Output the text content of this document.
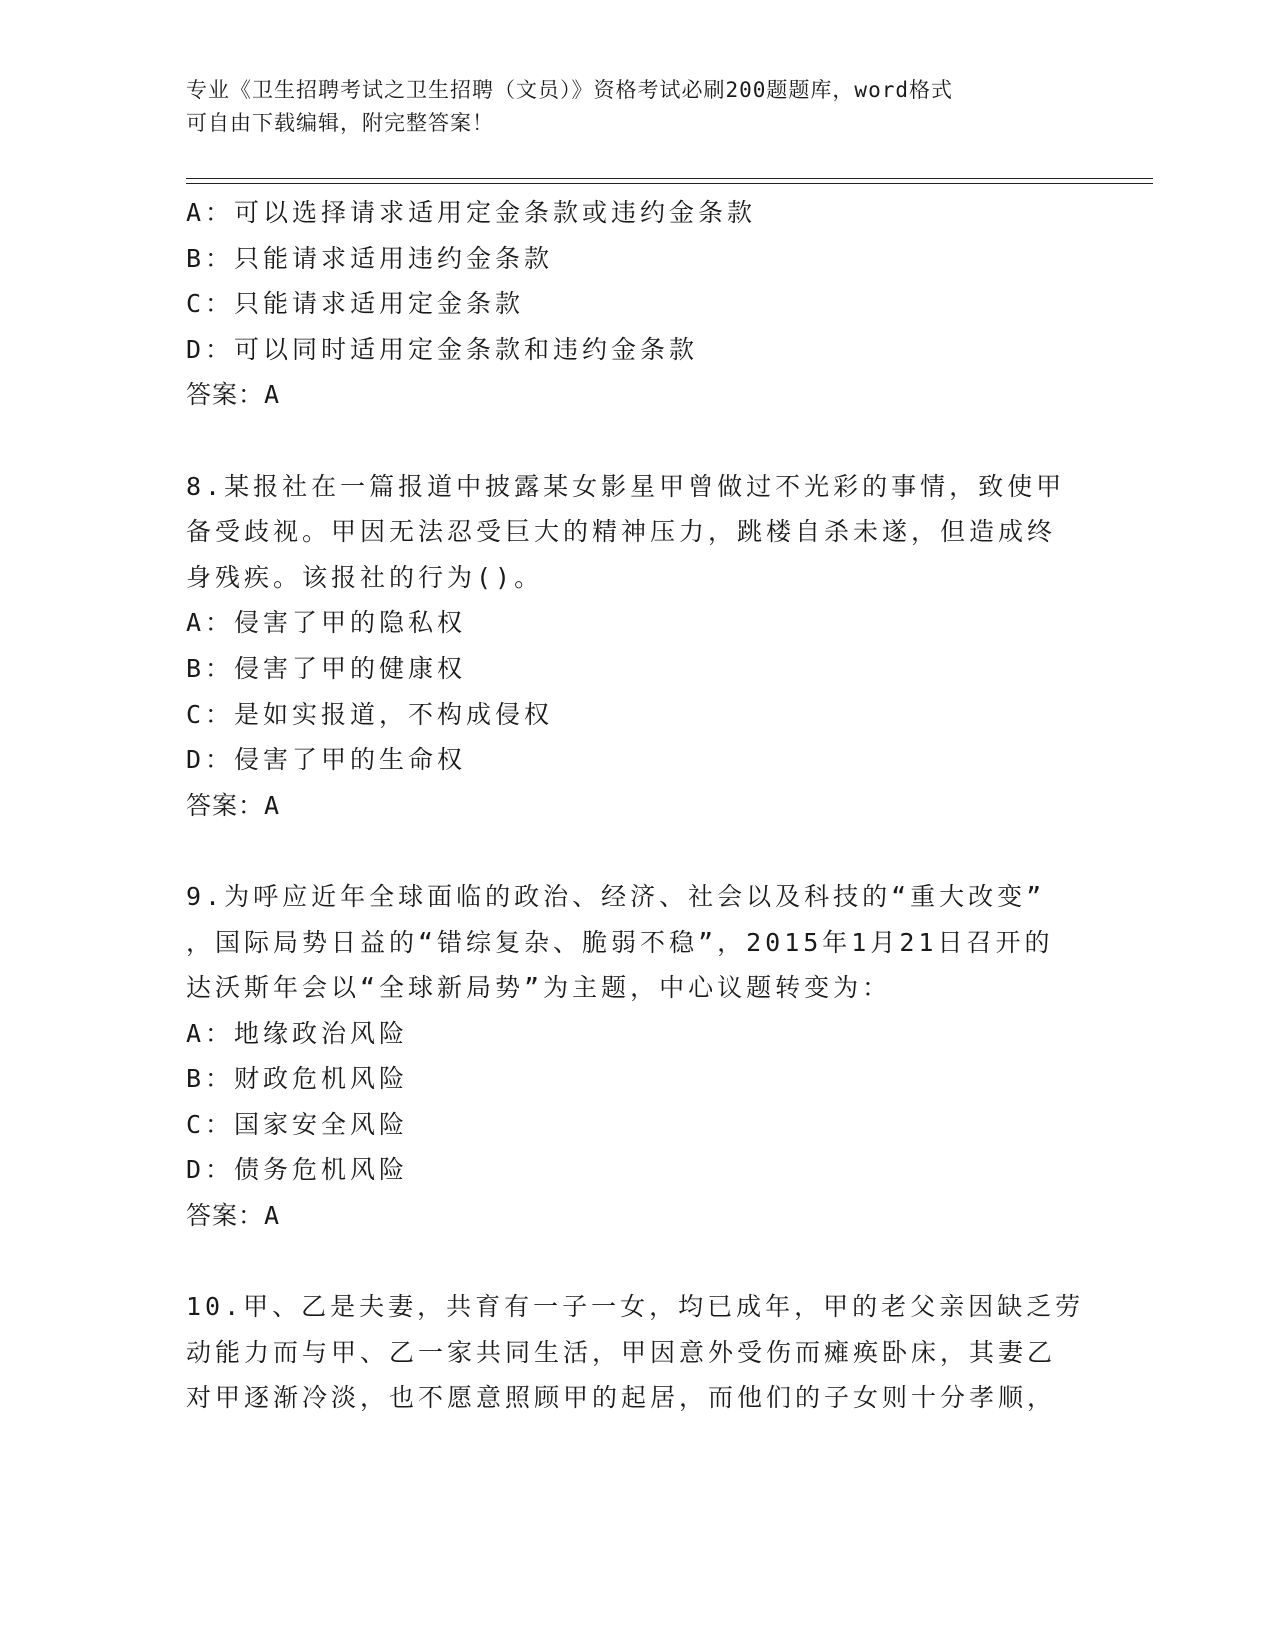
专业《卫生招聘考试之卫生招聘（文员）》资格考试必刷200题题库，word格式
可自由下载编辑，附完整答案！
A：可以选择请求适用定金条款或违约金条款
B：只能请求适用违约金条款
C：只能请求适用定金条款
D：可以同时适用定金条款和违约金条款
答案：A
8.某报社在一篇报道中披露某女影星甲曾做过不光彩的事情，致使甲
备受歧视。甲因无法忍受巨大的精神压力，跳楼自杀未遂，但造成终
身残疾。该报社的行为()。
A：侵害了甲的隐私权
B：侵害了甲的健康权
C：是如实报道，不构成侵权
D：侵害了甲的生命权
答案：A
9.为呼应近年全球面临的政治、经济、社会以及科技的“重大改变”
，国际局势日益的“错综复杂、脆弱不稳”，2015年1月21日召开的
达沃斯年会以“全球新局势”为主题，中心议题转变为：
A：地缘政治风险
B：财政危机风险
C：国家安全风险
D：债务危机风险
答案：A
10.甲、乙是夫妻，共育有一子一女，均已成年，甲的老父亲因缺乏劳
动能力而与甲、乙一家共同生活，甲因意外受伤而瘫痪卧床，其妻乙
对甲逐渐冷淡，也不愿意照顾甲的起居，而他们的子女则十分孝顺，
